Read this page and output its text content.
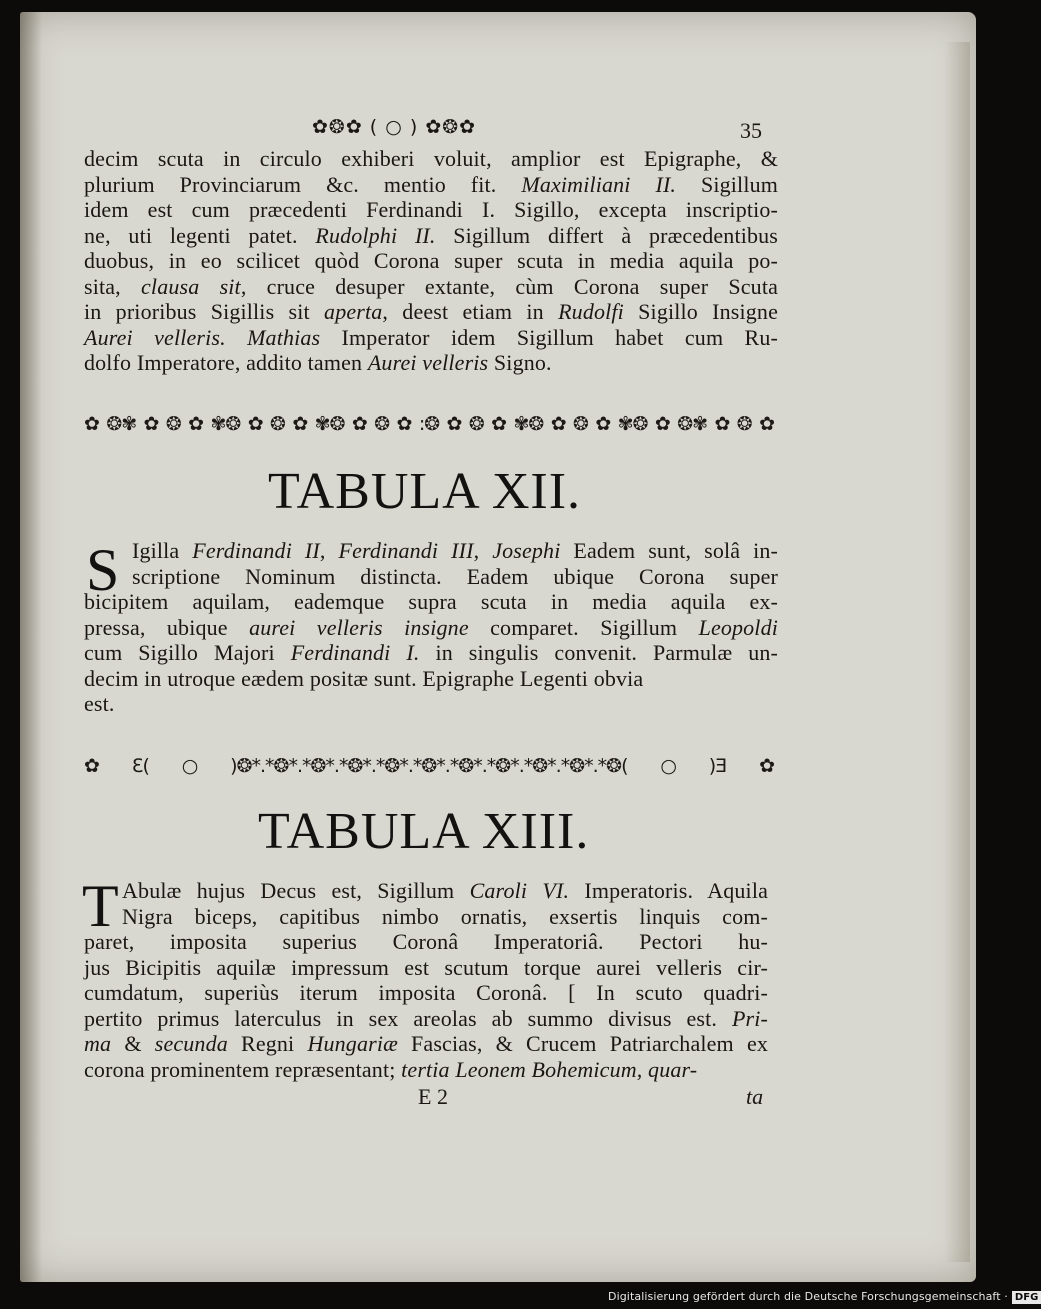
✿❂✿ ( ○ ) ✿❂✿	35
decim scuta in circulo exhiberi voluit, amplior est Epigraphe, &
plurium Provinciarum &c. mentio fit. Maximiliani II. Sigillum
idem est cum præcedenti Ferdinandi I. Sigillo, excepta inscriptio-
ne, uti legenti patet. Rudolphi II. Sigillum differt à præcedentibus
duobus, in eo scilicet quòd Corona super scuta in media aquila po-
sita, clausa sit, cruce desuper extante, cùm Corona super Scuta
in prioribus Sigillis sit aperta, deest etiam in Rudolfi Sigillo Insigne
Aurei velleris. Mathias Imperator idem Sigillum habet cum Ru-
dolfo Imperatore, addito tamen Aurei velleris Signo.
✿❂✾✿❂✿✾❂✿❂✿✾❂✿❂✿:❂✿❂✿✾❂✿❂✿✾❂✿❂✾✿❂✿
TABULA XII.
S Igilla Ferdinandi II, Ferdinandi III, Josephi Eadem sunt, solâ in-
scriptione Nominum distincta. Eadem ubique Corona super
bicipitem aquilam, eademque supra scuta in media aquila ex-
pressa, ubique aurei velleris insigne comparet. Sigillum Leopoldi
cum Sigillo Majori Ferdinandi I. in singulis convenit. Parmulæ un-
decim in utroque eædem positæ sunt. Epigraphe Legenti obvia
est.
✿Ɛ(○)❂*.*❂*.*❂*.*❂*.*❂*.*❂*.*❂*.*❂*.*❂*.*❂*.*❂(○)Ǝ✿
TABULA XIII.
T Abulæ hujus Decus est, Sigillum Caroli VI. Imperatoris. Aquila
Nigra biceps, capitibus nimbo ornatis, exsertis linquis com-
paret, imposita superius Coronâ Imperatoriâ. Pectori hu-
jus Bicipitis aquilæ impressum est scutum torque aurei velleris cir-
cumdatum, superiùs iterum imposita Coronâ. [ In scuto quadri-
pertito primus laterculus in sex areolas ab summo divisus est. Pri-
ma & secunda Regni Hungariæ Fascias, & Crucem Patriarchalem ex
corona prominentem repræsentant; tertia Leonem Bohemicum, quar-
E 2	ta
Digitalisierung gefördert durch die Deutsche Forschungsgemeinschaft · DFG
